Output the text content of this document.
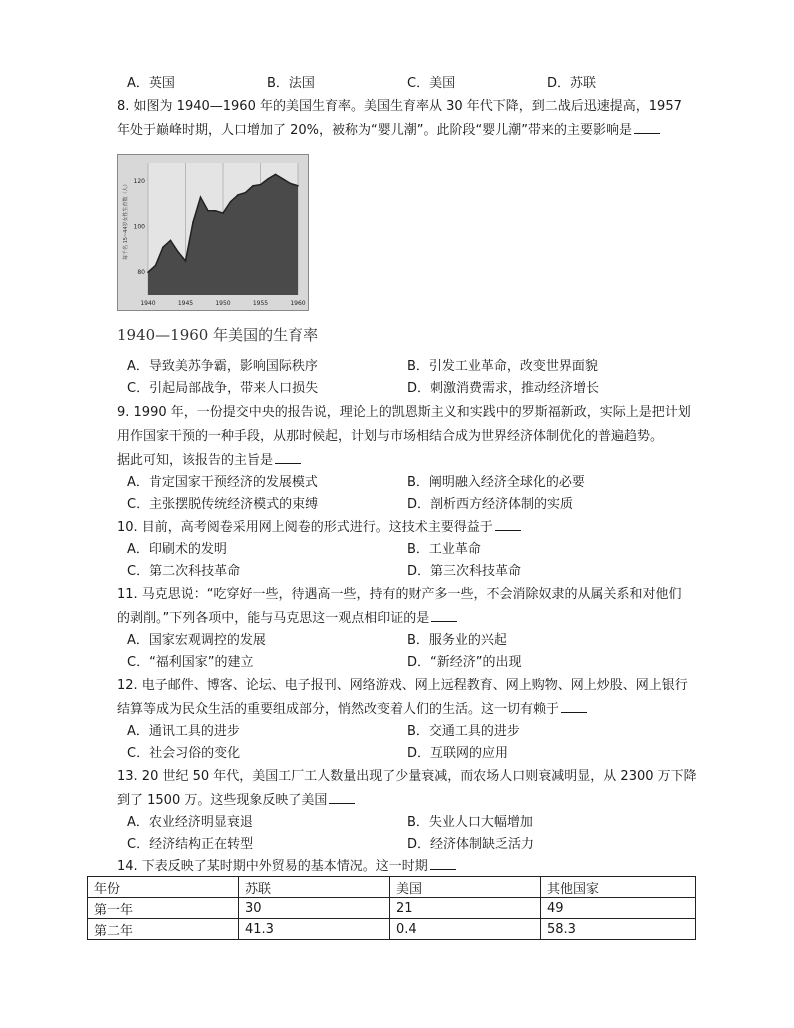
A．英国	B．法国	C．美国	D．苏联
8. 如图为 1940—1960 年的美国生育率。美国生育率从 30 年代下降，到二战后迅速提高，1957
年处于巅峰时期，人口增加了 20%，被称为“婴儿潮”。此阶段“婴儿潮”带来的主要影响是
1940	1945	1950	1955	1960
80
100
120
每千名 15~44岁女性生育数（人）
1940—1960 年美国的生育率
A．导致美苏争霸，影响国际秩序	B．引发工业革命，改变世界面貌
C．引起局部战争，带来人口损失	D．刺激消费需求，推动经济增长
9. 1990 年，一份提交中央的报告说，理论上的凯恩斯主义和实践中的罗斯福新政，实际上是把计划
用作国家干预的一种手段，从那时候起，计划与市场相结合成为世界经济体制优化的普遍趋势。
据此可知，该报告的主旨是
A．肯定国家干预经济的发展模式	B．阐明融入经济全球化的必要
C．主张摆脱传统经济模式的束缚	D．剖析西方经济体制的实质
10. 目前，高考阅卷采用网上阅卷的形式进行。这技术主要得益于
A．印刷术的发明	B．工业革命
C．第二次科技革命	D．第三次科技革命
11. 马克思说：“吃穿好一些，待遇高一些，持有的财产多一些，不会消除奴隶的从属关系和对他们
的剥削。”下列各项中，能与马克思这一观点相印证的是
A．国家宏观调控的发展	B．服务业的兴起
C．“福利国家”的建立	D．“新经济”的出现
12. 电子邮件、博客、论坛、电子报刊、网络游戏、网上远程教育、网上购物、网上炒股、网上银行
结算等成为民众生活的重要组成部分，悄然改变着人们的生活。这一切有赖于
A．通讯工具的进步	B．交通工具的进步
C．社会习俗的变化	D．互联网的应用
13. 20 世纪 50 年代，美国工厂工人数量出现了少量衰减，而农场人口则衰减明显，从 2300 万下降
到了 1500 万。这些现象反映了美国
A．农业经济明显衰退	B．失业人口大幅增加
C．经济结构正在转型	D．经济体制缺乏活力
14. 下表反映了某时期中外贸易的基本情况。这一时期
年份	苏联	美国	其他国家
第一年	30	21	49
第二年	41.3	0.4	58.3
